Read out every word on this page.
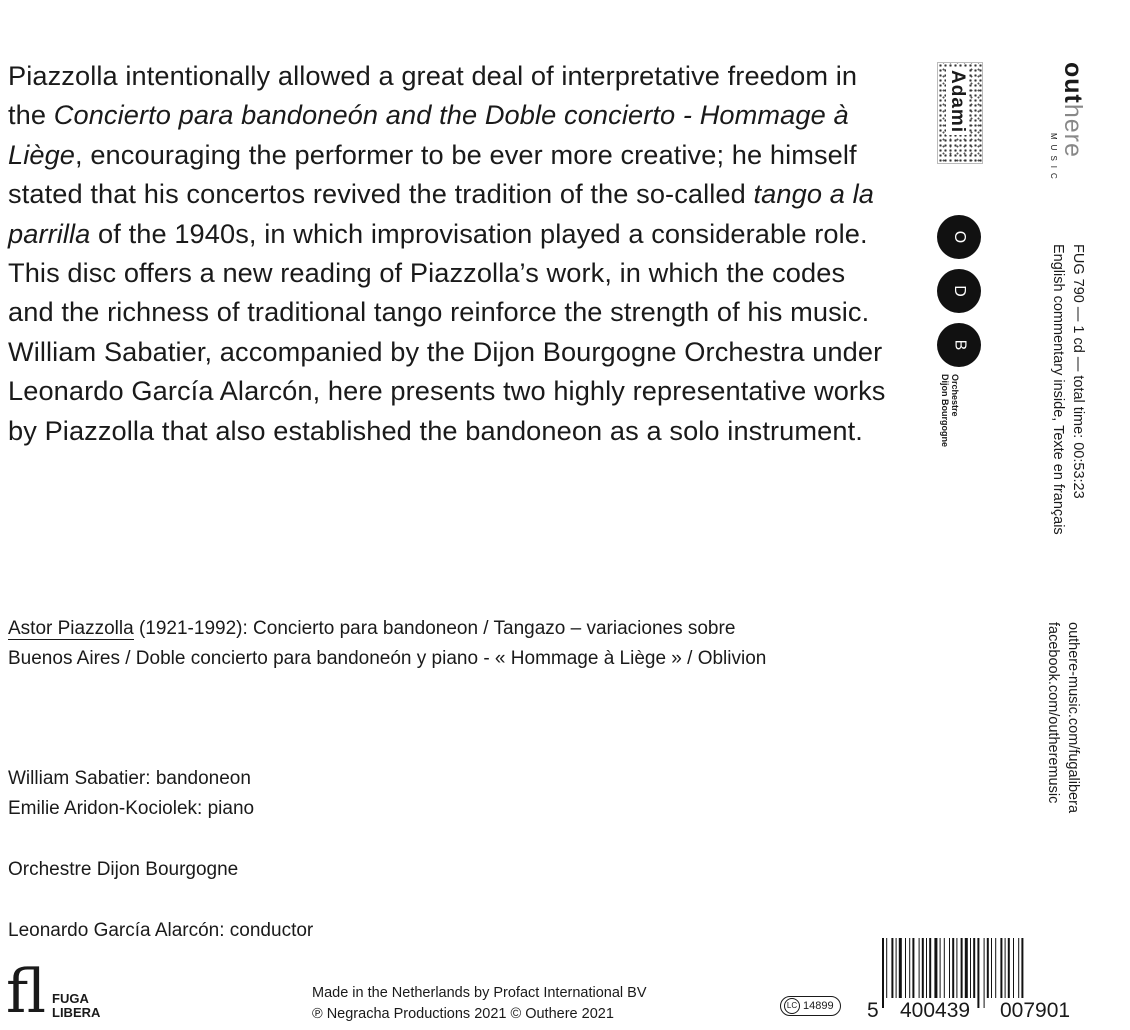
Piazzolla intentionally allowed a great deal of interpretative freedom in the Concierto para bandoneón and the Doble concierto - Hommage à Liège, encouraging the performer to be ever more creative; he himself stated that his concertos revived the tradition of the so-called tango a la parrilla of the 1940s, in which improvisation played a considerable role. This disc offers a new reading of Piazzolla’s work, in which the codes and the richness of traditional tango reinforce the strength of his music. William Sabatier, accompanied by the Dijon Bourgogne Orchestra under Leonardo García Alarcón, here presents two highly representative works by Piazzolla that also established the bandoneon as a solo instrument.

Astor Piazzolla (1921-1992): Concierto para bandoneon / Tangazo – variaciones sobre Buenos Aires / Doble concierto para bandoneón y piano - « Hommage à Liège » / Oblivion
William Sabatier: bandoneon
Emilie Aridon-Kociolek: piano
Orchestre Dijon Bourgogne
Leonardo García Alarcón: conductor
Made in the Netherlands by Profact International BV
℗ Negracha Productions 2021 © Outhere 2021
outhere
MUSIC
FUG 790 — 1 cd — total time: 00:53:23
English commentary inside, Texte en français
outhere-music.com/fugalibera
facebook.com/outheremusic
Adami
O
D
B
Orchestre
Dijon Bourgogne
fl FUGA
LIBERA	LC 14899 5 400439 007901
